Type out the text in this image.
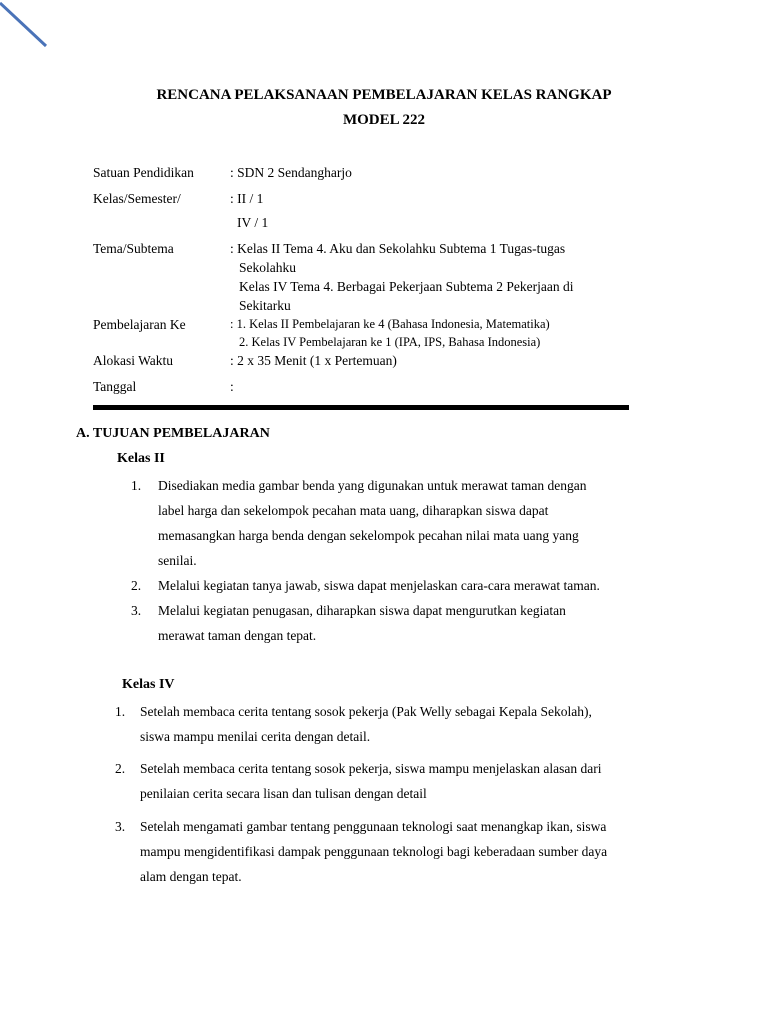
RENCANA PELAKSANAAN PEMBELAJARAN KELAS RANGKAP
MODEL 222
Satuan Pendidikan	: SDN 2 Sendangharjo
Kelas/Semester/	: II / 1
IV / 1
Tema/Subtema	: Kelas II Tema 4. Aku dan Sekolahku Subtema 1 Tugas-tugas
Sekolahku
Kelas IV Tema 4. Berbagai Pekerjaan Subtema 2 Pekerjaan di
Sekitarku
Pembelajaran Ke	: 1. Kelas II Pembelajaran ke 4 (Bahasa Indonesia, Matematika)
2. Kelas IV Pembelajaran ke 1 (IPA, IPS, Bahasa Indonesia)
Alokasi Waktu	: 2 x 35 Menit (1 x Pertemuan)
Tanggal	:
A. TUJUAN PEMBELAJARAN
Kelas II
1. Disediakan media gambar benda yang digunakan untuk merawat taman dengan
label harga dan sekelompok pecahan mata uang, diharapkan siswa dapat
memasangkan harga benda dengan sekelompok pecahan nilai mata uang yang
senilai.
2. Melalui kegiatan tanya jawab, siswa dapat menjelaskan cara-cara merawat taman.
3. Melalui kegiatan penugasan, diharapkan siswa dapat mengurutkan kegiatan
merawat taman dengan tepat.
Kelas IV
1. Setelah membaca cerita tentang sosok pekerja (Pak Welly sebagai Kepala Sekolah),
siswa mampu menilai cerita dengan detail.
2. Setelah membaca cerita tentang sosok pekerja, siswa mampu menjelaskan alasan dari
penilaian cerita secara lisan dan tulisan dengan detail
3. Setelah mengamati gambar tentang penggunaan teknologi saat menangkap ikan, siswa
mampu mengidentifikasi dampak penggunaan teknologi bagi keberadaan sumber daya
alam dengan tepat.
